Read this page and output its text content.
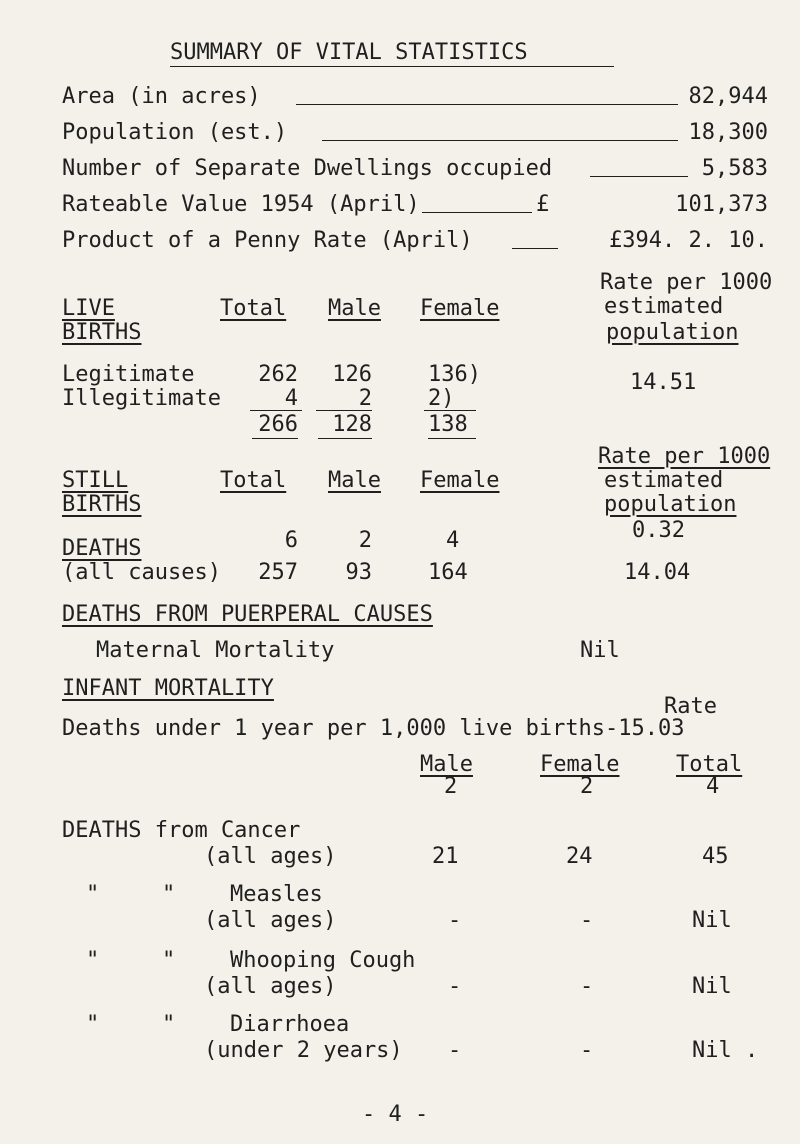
SUMMARY OF VITAL STATISTICS
Area (in acres)	82,944
Population (est.)	18,300
Number of Separate Dwellings occupied	5,583
Rateable Value 1954 (April)	£	101,373
Product of a Penny Rate (April)	£394. 2. 10.
Rate per 1000
LIVE	Total Male Female	estimated
BIRTHS	population
Legitimate	262	126	136)	14.51
Illegitimate	4	2	2)
266	128	138
Rate per 1000
STILL	Total Male Female	estimated
BIRTHS	population
6	2	4	0.32
DEATHS
(all causes)	257	93	164	14.04
DEATHS FROM PUERPERAL CAUSES
Maternal Mortality	Nil
INFANT MORTALITY
Rate
Deaths under 1 year per 1,000 live births-15.03
Male	Female	Total
2	2	4
DEATHS from Cancer
(all ages)	21	24	45
"	" Measles
(all ages)	-	-	Nil
"	" Whooping Cough
(all ages)	-	-	Nil
"	" Diarrhoea
(under 2 years) -	-	Nil .
- 4 -
